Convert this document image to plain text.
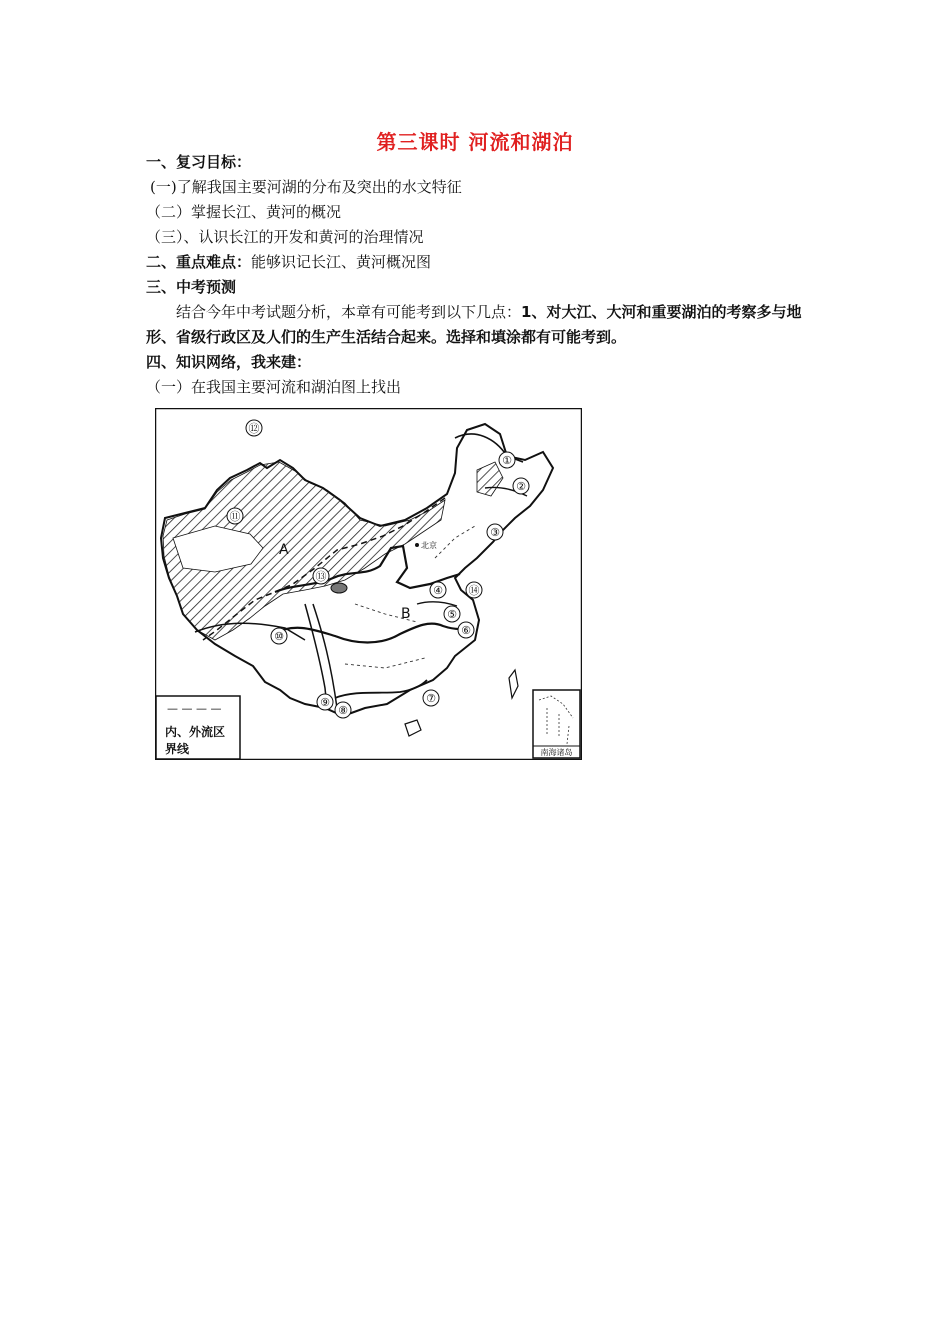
第三课时 河流和湖泊
一、复习目标：
(一)了解我国主要河湖的分布及突出的水文特征
（二）掌握长江、黄河的概况
（三）、认识长江的开发和黄河的治理情况
二、重点难点：能够识记长江、黄河概况图
三、中考预测
结合今年中考试题分析，本章有可能考到以下几点：1、对大江、大河和重要湖泊的考察多与地形、省级行政区及人们的生产生活结合起来。选择和填涂都有可能考到。
四、知识网络，我来建：
（一）在我国主要河流和湖泊图上找出
①
②
③
④
⑤
⑥
⑦
⑧
⑨
⑩
⑪
⑫
⑬
⑭
A
B
北京
— — — —
内、外流区
界线	南海诸岛
